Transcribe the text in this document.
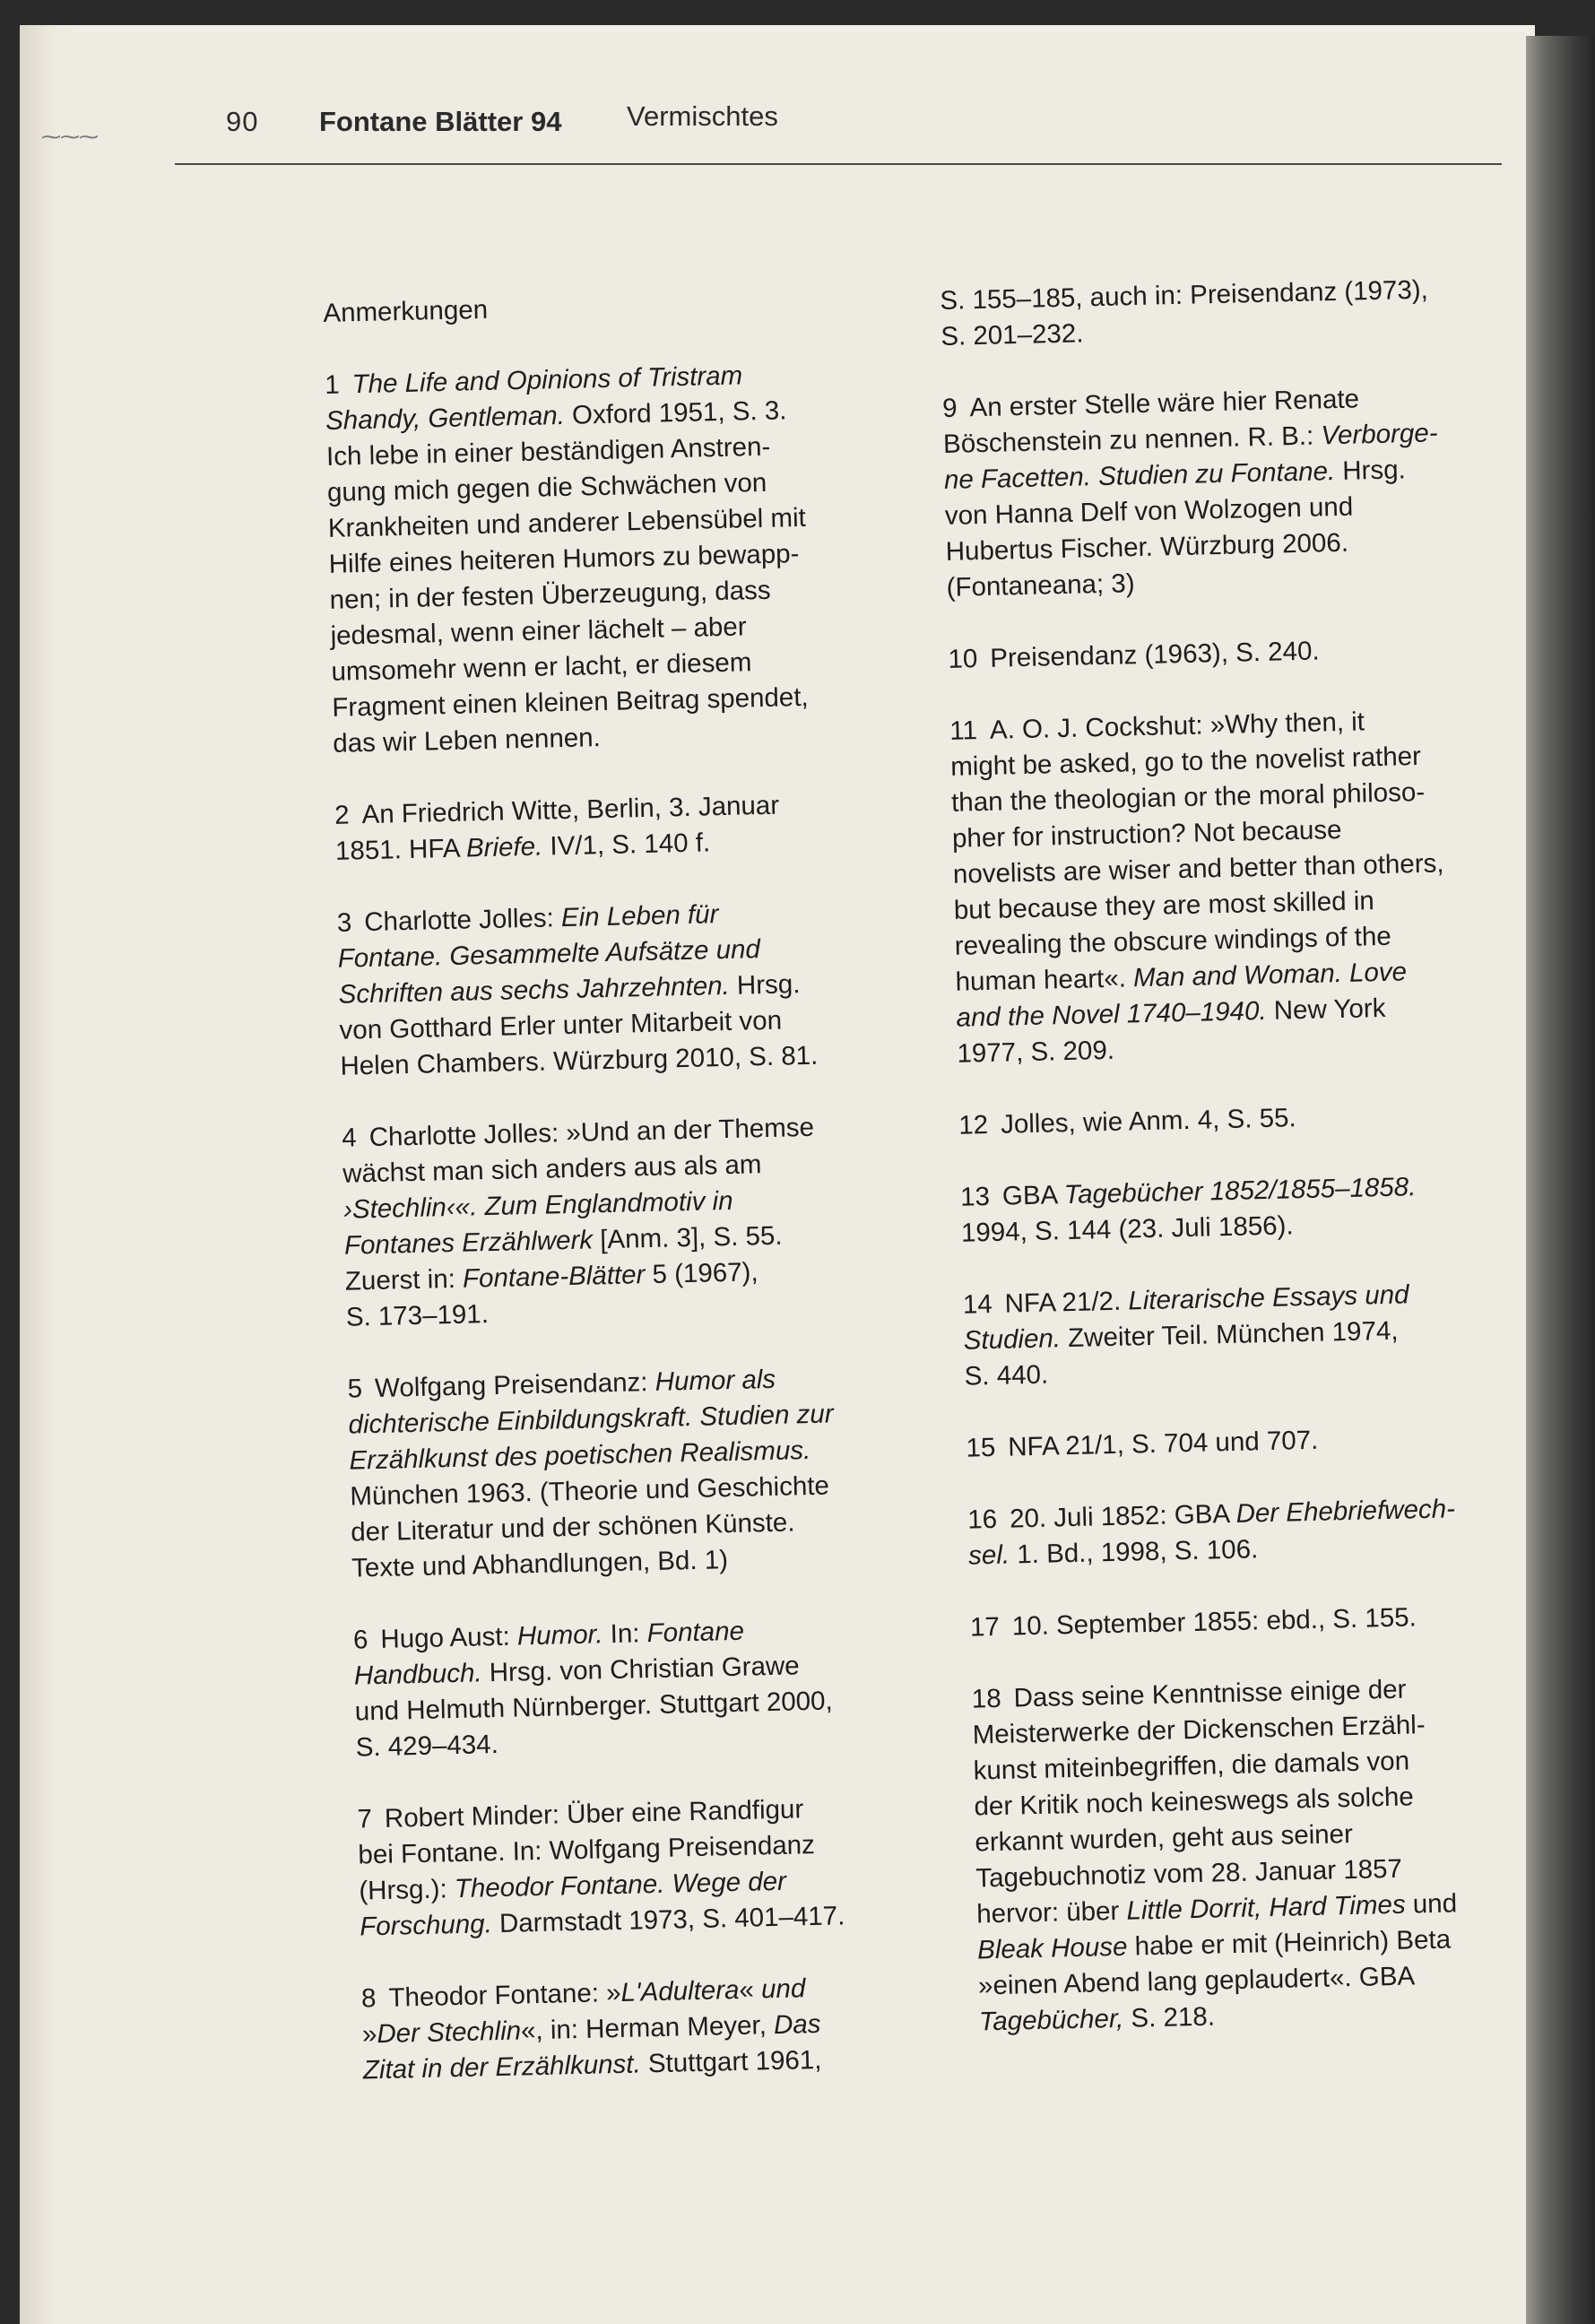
⁓⁓⁓	90 Fontane Blätter 94 Vermischtes
Anmerkungen
1 The Life and Opinions of Tristram
Shandy, Gentleman. Oxford 1951, S. 3.
Ich lebe in einer beständigen Anstren-
gung mich gegen die Schwächen von
Krankheiten und anderer Lebensübel mit
Hilfe eines heiteren Humors zu bewapp-
nen; in der festen Überzeugung, dass
jedesmal, wenn einer lächelt – aber
umsomehr wenn er lacht, er diesem
Fragment einen kleinen Beitrag spendet,
das wir Leben nennen.
2 An Friedrich Witte, Berlin, 3. Januar
1851. HFA Briefe. IV/1, S. 140 f.
3 Charlotte Jolles: Ein Leben für
Fontane. Gesammelte Aufsätze und
Schriften aus sechs Jahrzehnten. Hrsg.
von Gotthard Erler unter Mitarbeit von
Helen Chambers. Würzburg 2010, S. 81.
4 Charlotte Jolles: »Und an der Themse
wächst man sich anders aus als am
›Stechlin‹«. Zum Englandmotiv in
Fontanes Erzählwerk [Anm. 3], S. 55.
Zuerst in: Fontane-Blätter 5 (1967),
S. 173–191.
5 Wolfgang Preisendanz: Humor als
dichterische Einbildungskraft. Studien zur
Erzählkunst des poetischen Realismus.
München 1963. (Theorie und Geschichte
der Literatur und der schönen Künste.
Texte und Abhandlungen, Bd. 1)
6 Hugo Aust: Humor. In: Fontane
Handbuch. Hrsg. von Christian Grawe
und Helmuth Nürnberger. Stuttgart 2000,
S. 429–434.
7 Robert Minder: Über eine Randfigur
bei Fontane. In: Wolfgang Preisendanz
(Hrsg.): Theodor Fontane. Wege der
Forschung. Darmstadt 1973, S. 401–417.
8 Theodor Fontane: »L'Adultera« und
»Der Stechlin«, in: Herman Meyer, Das
Zitat in der Erzählkunst. Stuttgart 1961,
S. 155–185, auch in: Preisendanz (1973),
S. 201–232.
9 An erster Stelle wäre hier Renate
Böschenstein zu nennen. R. B.: Verborge-
ne Facetten. Studien zu Fontane. Hrsg.
von Hanna Delf von Wolzogen und
Hubertus Fischer. Würzburg 2006.
(Fontaneana; 3)
10 Preisendanz (1963), S. 240.
11 A. O. J. Cockshut: »Why then, it
might be asked, go to the novelist rather
than the theologian or the moral philoso-
pher for instruction? Not because
novelists are wiser and better than others,
but because they are most skilled in
revealing the obscure windings of the
human heart«. Man and Woman. Love
and the Novel 1740–1940. New York
1977, S. 209.
12 Jolles, wie Anm. 4, S. 55.
13 GBA Tagebücher 1852/1855–1858.
1994, S. 144 (23. Juli 1856).
14 NFA 21/2. Literarische Essays und
Studien. Zweiter Teil. München 1974,
S. 440.
15 NFA 21/1, S. 704 und 707.
16 20. Juli 1852: GBA Der Ehebriefwech-
sel. 1. Bd., 1998, S. 106.
17 10. September 1855: ebd., S. 155.
18 Dass seine Kenntnisse einige der
Meisterwerke der Dickenschen Erzähl-
kunst miteinbegriffen, die damals von
der Kritik noch keineswegs als solche
erkannt wurden, geht aus seiner
Tagebuchnotiz vom 28. Januar 1857
hervor: über Little Dorrit, Hard Times und
Bleak House habe er mit (Heinrich) Beta
»einen Abend lang geplaudert«. GBA
Tagebücher, S. 218.
